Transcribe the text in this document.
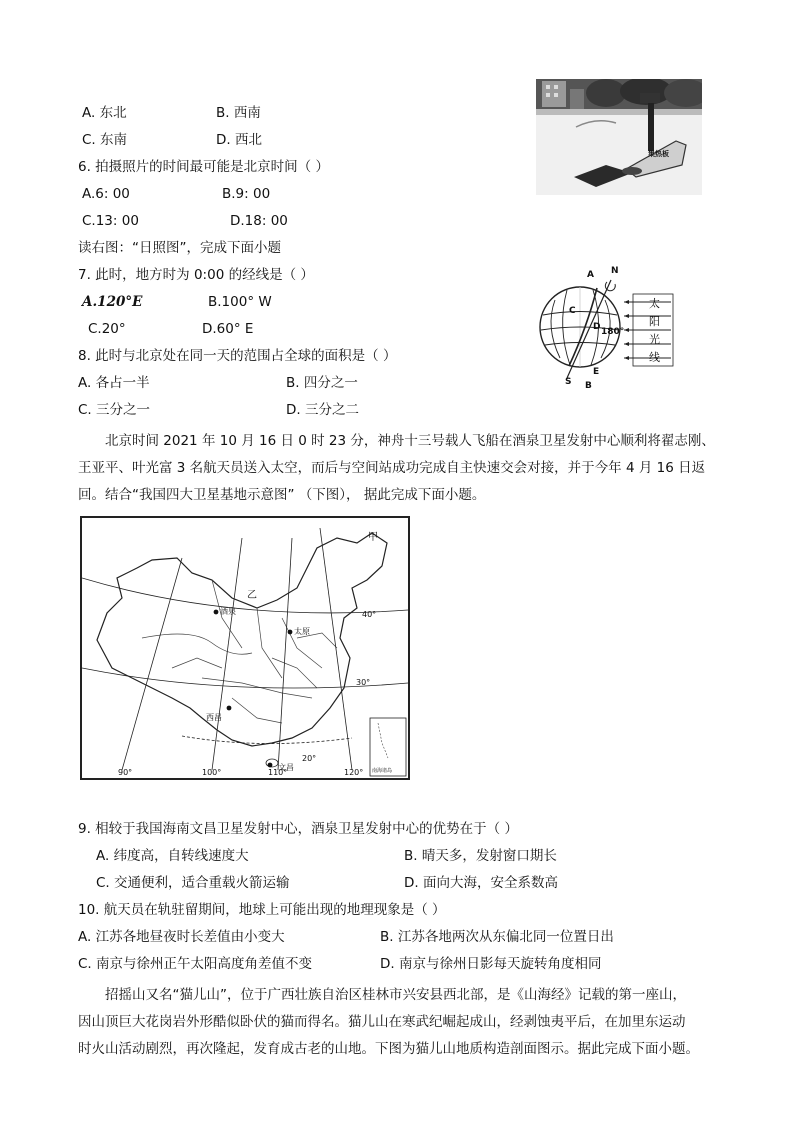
A. 东北	B. 西南
C. 东南	D. 西北
6. 拍摄照片的时间最可能是北京时间（ ）
A.6: 00	B.9: 00
C.13: 00	D.18: 00
集热板
读右图：“日照图”，完成下面小题
7. 此时，地方时为 0:00 的经线是（ ）
A.120°E	B.100° W
C.20°	D.60° E
A N
C
D 180°
S
E
B
太
阳
光
线
8. 此时与北京处在同一天的范围占全球的面积是（ ）
A. 各占一半	B. 四分之一
C. 三分之一	D. 三分之二
北京时间 2021 年 10 月 16 日 0 时 23 分，神舟十三号载人飞船在酒泉卫星发射中心顺利将翟志刚、
王亚平、叶光富 3 名航天员送入太空，而后与空间站成功完成自主快速交会对接，并于今年 4 月 16 日返
回。结合“我国四大卫星基地示意图” （下图）， 据此完成下面小题。
甲
乙
酒泉
太原
西昌
文昌
40°
30°
20°
90°	100°	110°	120° 南海诸岛
9. 相较于我国海南文昌卫星发射中心，酒泉卫星发射中心的优势在于（ ）
A. 纬度高，自转线速度大	B. 晴天多，发射窗口期长
C. 交通便利，适合重载火箭运输	D. 面向大海，安全系数高
10. 航天员在轨驻留期间，地球上可能出现的地理现象是（ ）
A. 江苏各地昼夜时长差值由小变大	B. 江苏各地两次从东偏北同一位置日出
C. 南京与徐州正午太阳高度角差值不变	D. 南京与徐州日影每天旋转角度相同
招摇山又名“猫儿山”，位于广西壮族自治区桂林市兴安县西北部，是《山海经》记载的第一座山，
因山顶巨大花岗岩外形酷似卧伏的猫而得名。猫儿山在寒武纪崛起成山，经剥蚀夷平后，在加里东运动
时火山活动剧烈，再次隆起，发育成古老的山地。下图为猫儿山地质构造剖面图示。据此完成下面小题。
